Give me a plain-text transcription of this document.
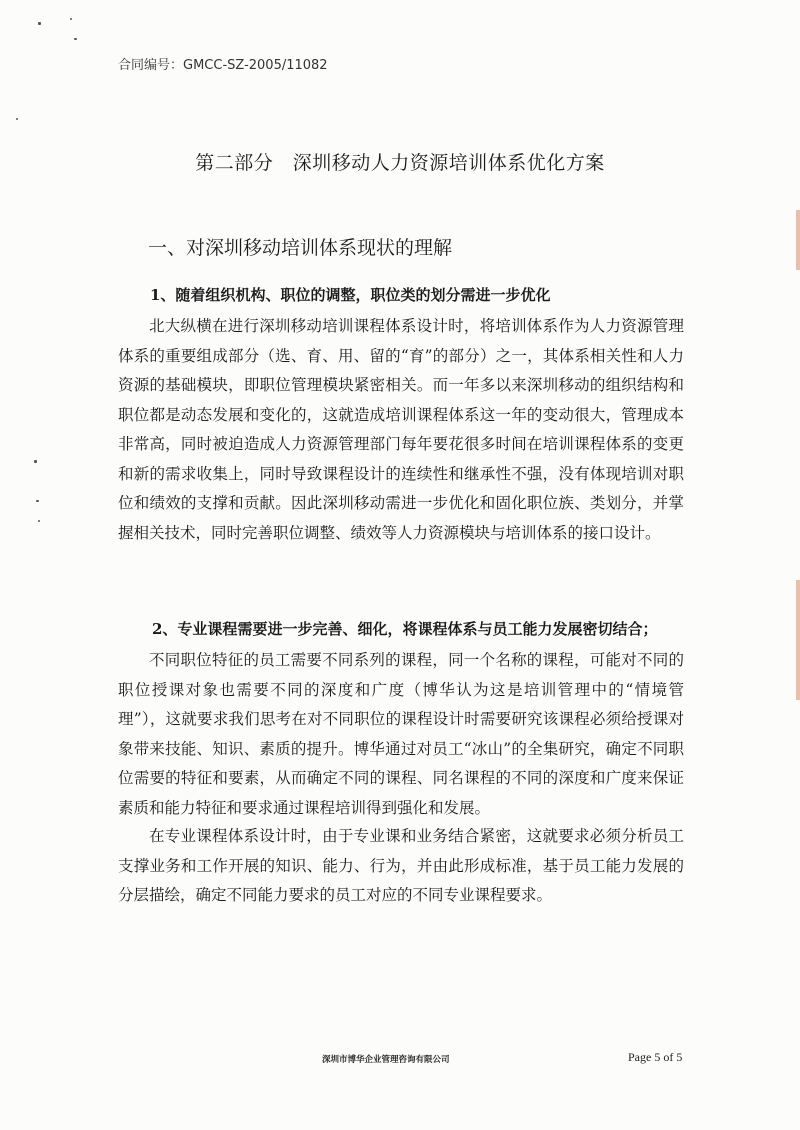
合同编号：GMCC-SZ-2005/11082
第二部分　深圳移动人力资源培训体系优化方案
一、对深圳移动培训体系现状的理解
1、随着组织机构、职位的调整，职位类的划分需进一步优化

北大纵横在进行深圳移动培训课程体系设计时，将培训体系作为人力资源管理体系的重要组成部分（选、育、用、留的“育”的部分）之一，其体系相关性和人力资源的基础模块，即职位管理模块紧密相关。而一年多以来深圳移动的组织结构和职位都是动态发展和变化的，这就造成培训课程体系这一年的变动很大，管理成本非常高，同时被迫造成人力资源管理部门每年要花很多时间在培训课程体系的变更和新的需求收集上，同时导致课程设计的连续性和继承性不强，没有体现培训对职位和绩效的支撑和贡献。因此深圳移动需进一步优化和固化职位族、类划分，并掌握相关技术，同时完善职位调整、绩效等人力资源模块与培训体系的接口设计。

2、专业课程需要进一步完善、细化，将课程体系与员工能力发展密切结合；

不同职位特征的员工需要不同系列的课程，同一个名称的课程，可能对不同的职位授课对象也需要不同的深度和广度（博华认为这是培训管理中的“情境管理”），这就要求我们思考在对不同职位的课程设计时需要研究该课程必须给授课对象带来技能、知识、素质的提升。博华通过对员工“冰山”的全集研究，确定不同职位需要的特征和要素，从而确定不同的课程、同名课程的不同的深度和广度来保证素质和能力特征和要求通过课程培训得到强化和发展。

在专业课程体系设计时，由于专业课和业务结合紧密，这就要求必须分析员工支撑业务和工作开展的知识、能力、行为，并由此形成标准，基于员工能力发展的分层描绘，确定不同能力要求的员工对应的不同专业课程要求。

深圳市博华企业管理咨询有限公司	Page 5 of 5
